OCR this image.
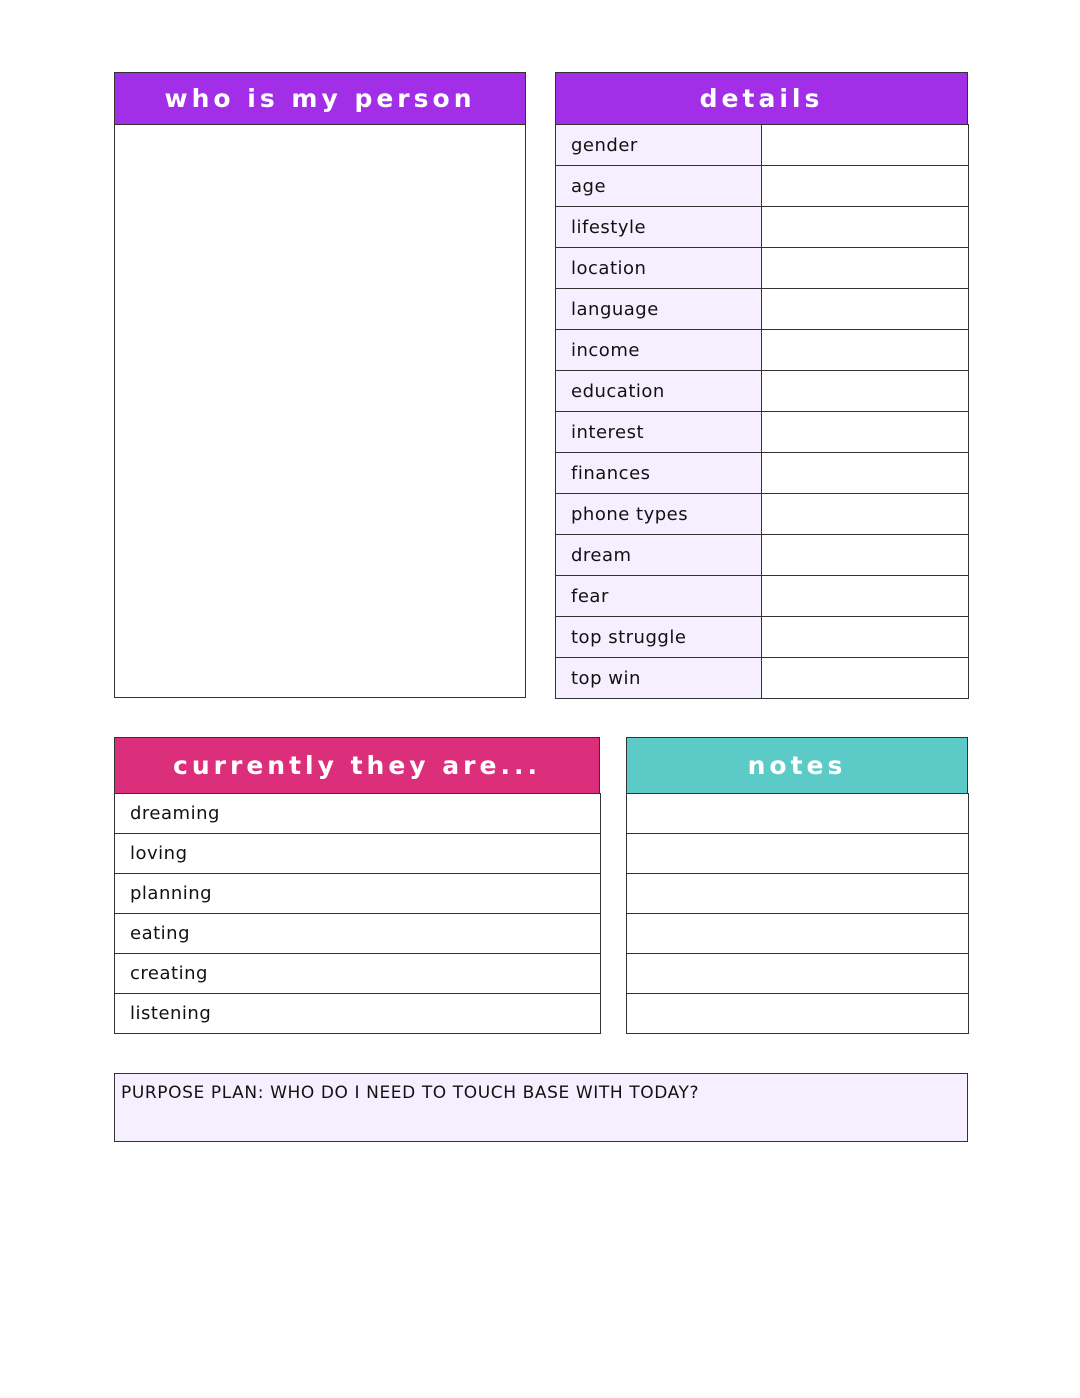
who is my person	details
gender	
age	
lifestyle	
location	
language	
income	
education	
interest	
finances	
phone types	
dream	
fear	
top struggle	
top win	
currently they are...
dreaming
loving
planning
eating
creating
listening
notes

PURPOSE PLAN: WHO DO I NEED TO TOUCH BASE WITH TODAY?
